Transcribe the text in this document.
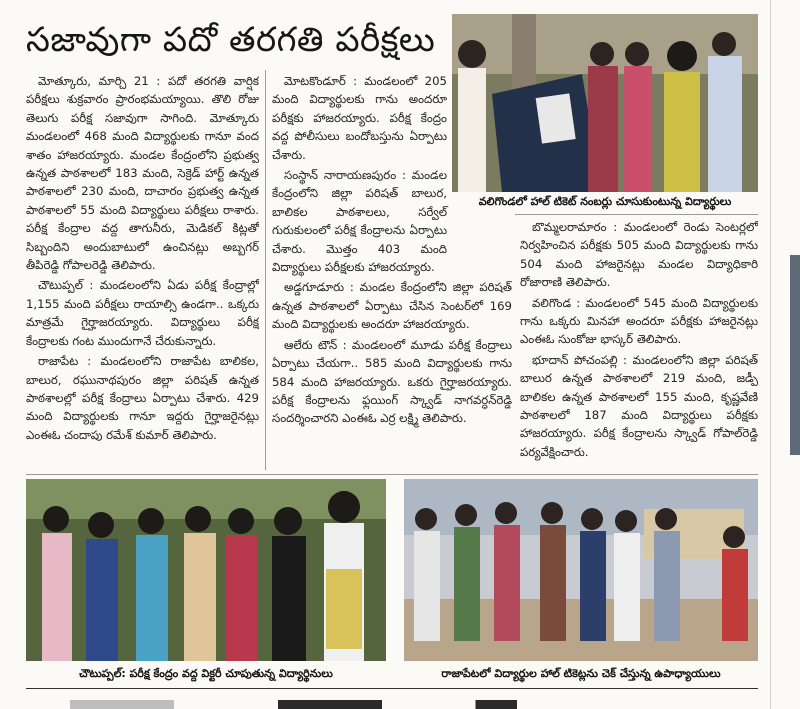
సజావుగా పదో తరగతి పరీక్షలు

మోత్కూరు, మార్చి 21 : పదో తరగతి వార్షిక పరీక్షలు శుక్రవారం ప్రారంభమయ్యాయి. తొలి రోజు తెలుగు పరీక్ష సజావుగా సాగింది. మోత్కూరు మండలంలో 468 మంది విద్యార్థులకు గానూ వంద శాతం హాజరయ్యారు. మండల కేంద్రంలోని ప్రభుత్వ ఉన్నత పాఠశాలలో 183 మంది, సెక్రెడ్ హార్ట్ ఉన్నత పాఠశాలలో 230 మంది, దాచారం ప్రభుత్వ ఉన్నత పాఠశాలలో 55 మంది విద్యార్థులు పరీక్షలు రాశారు. పరీక్ష కేంద్రాల వద్ద తాగునీరు, మెడికల్ కిట్లతో సిబ్బందిని అందుబాటులో ఉంచినట్లు అబ్బగర్ తీపిరెడ్డి గోపాలరెడ్డి తెలిపారు.

చౌటుప్పల్ : మండలంలోని ఏడు పరీక్ష కేంద్రాల్లో 1,155 మంది పరీక్షలు రాయాల్సి ఉండగా.. ఒక్కరు మాత్రమే గైర్హాజరయ్యారు. విద్యార్థులు పరీక్ష కేంద్రాలకు గంట ముందుగానే చేరుకున్నారు.

రాజాపేట : మండలంలోని రాజాపేట బాలికల, బాలుర, రఘునాథపురం జిల్లా పరిషత్ ఉన్నత పాఠశాలల్లో పరీక్ష కేంద్రాలు ఏర్పాటు చేశారు. 429 మంది విద్యార్థులకు గానూ ఇద్దరు గైర్హాజరైనట్లు ఎంఈఓ చందాపు రమేశ్ కుమార్ తెలిపారు.

మోటకొండూర్ : మండలంలో 205 మంది విద్యార్థులకు గాను అందరూ పరీక్షకు హాజరయ్యారు. పరీక్ష కేంద్రం వద్ద పోలీసులు బందోబస్తును ఏర్పాటు చేశారు.

సంస్థాన్ నారాయణపురం : మండల కేంద్రంలోని జిల్లా పరిషత్ బాలుర, బాలికల పాఠశాలలు, సర్వేల్ గురుకులంలో పరీక్ష కేంద్రాలను ఏర్పాటు చేశారు. మొత్తం 403 మంది విద్యార్థులు పరీక్షలకు హాజరయ్యారు.

అడ్డగూడూరు : మండల కేంద్రంలోని జిల్లా పరిషత్ ఉన్నత పాఠశాలలో ఏర్పాటు చేసిన సెంటర్‌లో 169 మంది విద్యార్థులకు అందరూ హాజరయ్యారు.

ఆలేరు టౌన్ : మండలంలో మూడు పరీక్ష కేంద్రాలు ఏర్పాటు చేయగా.. 585 మంది విద్యార్థులకు గాను 584 మంది హాజరయ్యారు. ఒకరు గైర్హాజరయ్యారు. పరీక్ష కేంద్రాలను ఫ్లయింగ్ స్క్వాడ్ నాగవర్ధన్‌రెడ్డి సందర్శించారని ఎంఈఓ ఎర్ర లక్ష్మి తెలిపారు.

వలిగొండలో హాల్ టికెట్ నంబర్లు చూసుకుంటున్న విద్యార్థులు

బొమ్మలరామారం : మండలంలో రెండు సెంటర్లలో నిర్వహించిన పరీక్షకు 505 మంది విద్యార్థులకు గాను 504 మంది హాజరైనట్లు మండల విద్యాధికారి రోజారాణి తెలిపారు.

వలిగొండ : మండలంలో 545 మంది విద్యార్థులకు గాను ఒక్కరు మినహా అందరూ పరీక్షకు హాజరైనట్లు ఎంఈఓ సుంకోజు భాస్కర్ తెలిపారు.

భూదాన్ పోచంపల్లి : మండలంలోని జిల్లా పరిషత్ బాలుర ఉన్నత పాఠశాలలో 219 మంది, జడ్పీ బాలికల ఉన్నత పాఠశాలలో 155 మంది, కృష్ణవేణి పాఠశాలలో 187 మంది విద్యార్థులు పరీక్షకు హాజరయ్యారు. పరీక్ష కేంద్రాలను స్క్వాడ్ గోపాల్‌రెడ్డి పర్యవేక్షించారు.

చౌటుప్పల్: పరీక్ష కేంద్రం వద్ద విక్టరీ చూపుతున్న విద్యార్థినులు	రాజాపేటలో విద్యార్థుల హాల్ టికెట్లను చెక్ చేస్తున్న ఉపాధ్యాయులు
